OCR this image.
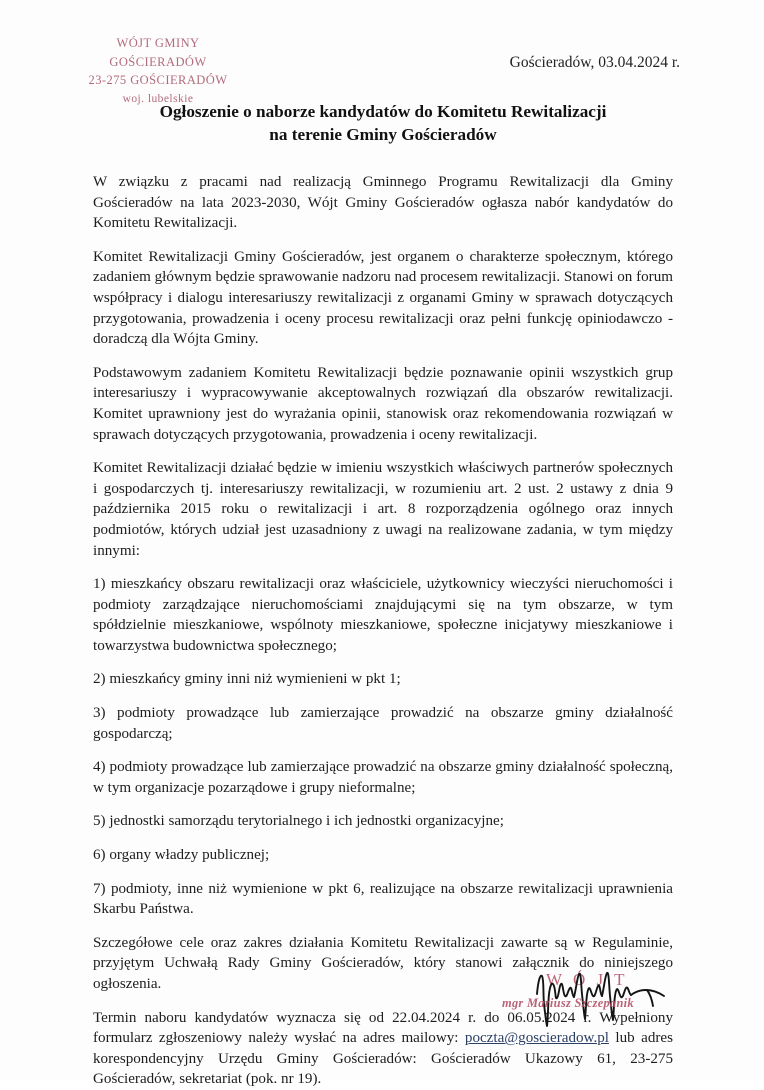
WÓJT GMINY GOŚCIERADÓW
23-275 GOŚCIERADÓW
woj. lubelskie
Gościeradów, 03.04.2024 r.
Ogłoszenie o naborze kandydatów do Komitetu Rewitalizacji
na terenie Gminy Gościeradów

W związku z pracami nad realizacją Gminnego Programu Rewitalizacji dla Gminy Gościeradów na lata 2023-2030, Wójt Gminy Gościeradów ogłasza nabór kandydatów do Komitetu Rewitalizacji.

Komitet Rewitalizacji Gminy Gościeradów, jest organem o charakterze społecznym, którego zadaniem głównym będzie sprawowanie nadzoru nad procesem rewitalizacji. Stanowi on forum współpracy i dialogu interesariuszy rewitalizacji z organami Gminy w sprawach dotyczących przygotowania, prowadzenia i oceny procesu rewitalizacji oraz pełni funkcję opiniodawczo - doradczą dla Wójta Gminy.

Podstawowym zadaniem Komitetu Rewitalizacji będzie poznawanie opinii wszystkich grup interesariuszy i wypracowywanie akceptowalnych rozwiązań dla obszarów rewitalizacji. Komitet uprawniony jest do wyrażania opinii, stanowisk oraz rekomendowania rozwiązań w sprawach dotyczących przygotowania, prowadzenia i oceny rewitalizacji.

Komitet Rewitalizacji działać będzie w imieniu wszystkich właściwych partnerów społecznych i gospodarczych tj. interesariuszy rewitalizacji, w rozumieniu art. 2 ust. 2 ustawy z dnia 9 października 2015 roku o rewitalizacji i art. 8 rozporządzenia ogólnego oraz innych podmiotów, których udział jest uzasadniony z uwagi na realizowane zadania, w tym między innymi:

1) mieszkańcy obszaru rewitalizacji oraz właściciele, użytkownicy wieczyści nieruchomości i podmioty zarządzające nieruchomościami znajdującymi się na tym obszarze, w tym spółdzielnie mieszkaniowe, wspólnoty mieszkaniowe, społeczne inicjatywy mieszkaniowe i towarzystwa budownictwa społecznego;

2) mieszkańcy gminy inni niż wymienieni w pkt 1;

3) podmioty prowadzące lub zamierzające prowadzić na obszarze gminy działalność gospodarczą;

4) podmioty prowadzące lub zamierzające prowadzić na obszarze gminy działalność społeczną, w tym organizacje pozarządowe i grupy nieformalne;

5) jednostki samorządu terytorialnego i ich jednostki organizacyjne;

6) organy władzy publicznej;

7) podmioty, inne niż wymienione w pkt 6, realizujące na obszarze rewitalizacji uprawnienia Skarbu Państwa.

Szczegółowe cele oraz zakres działania Komitetu Rewitalizacji zawarte są w Regulaminie, przyjętym Uchwałą Rady Gminy Gościeradów, który stanowi załącznik do niniejszego ogłoszenia.

Termin naboru kandydatów wyznacza się od 22.04.2024 r. do 06.05.2024 r. Wypełniony formularz zgłoszeniowy należy wysłać na adres mailowy: poczta@goscieradow.pl lub adres korespondencyjny Urzędu Gminy Gościeradów: Gościeradów Ukazowy 61, 23-275 Gościeradów, sekretariat (pok. nr 19).

W Ó J T
mgr Mariusz Szczepanik
